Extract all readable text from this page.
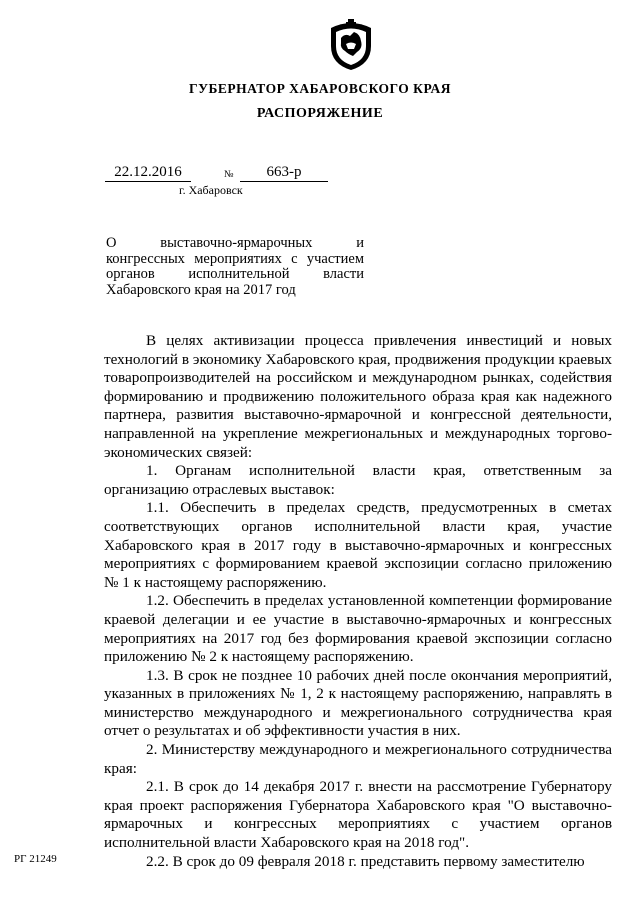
ГУБЕРНАТОР ХАБАРОВСКОГО КРАЯ
РАСПОРЯЖЕНИЕ
22.12.2016	№	663-р
г. Хабаровск
О выставочно-ярмарочных и конгрессных мероприятиях с участием органов исполнительной власти Хабаровского края на 2017 год

В целях активизации процесса привлечения инвестиций и новых технологий в экономику Хабаровского края, продвижения продукции краевых товаропроизводителей на российском и международном рынках, содействия формированию и продвижению положительного образа края как надежного партнера, развития выставочно-ярмарочной и конгрессной деятельности, направленной на укрепление межрегиональных и международных торгово-экономических связей:

1. Органам исполнительной власти края, ответственным за организацию отраслевых выставок:

1.1. Обеспечить в пределах средств, предусмотренных в сметах соответствующих органов исполнительной власти края, участие Хабаровского края в 2017 году в выставочно-ярмарочных и конгрессных мероприятиях с формированием краевой экспозиции согласно приложению № 1 к настоящему распоряжению.

1.2. Обеспечить в пределах установленной компетенции формирование краевой делегации и ее участие в выставочно-ярмарочных и конгрессных мероприятиях на 2017 год без формирования краевой экспозиции согласно приложению № 2 к настоящему распоряжению.

1.3. В срок не позднее 10 рабочих дней после окончания мероприятий, указанных в приложениях № 1, 2 к настоящему распоряжению, направлять в министерство международного и межрегионального сотрудничества края отчет о результатах и об эффективности участия в них.

2. Министерству международного и межрегионального сотрудничества края:

2.1. В срок до 14 декабря 2017 г. внести на рассмотрение Губернатору края проект распоряжения Губернатора Хабаровского края "О выставочно-ярмарочных и конгрессных мероприятиях с участием органов исполнительной власти Хабаровского края на 2018 год".

2.2. В срок до 09 февраля 2018 г. представить первому заместителю

РГ 21249
